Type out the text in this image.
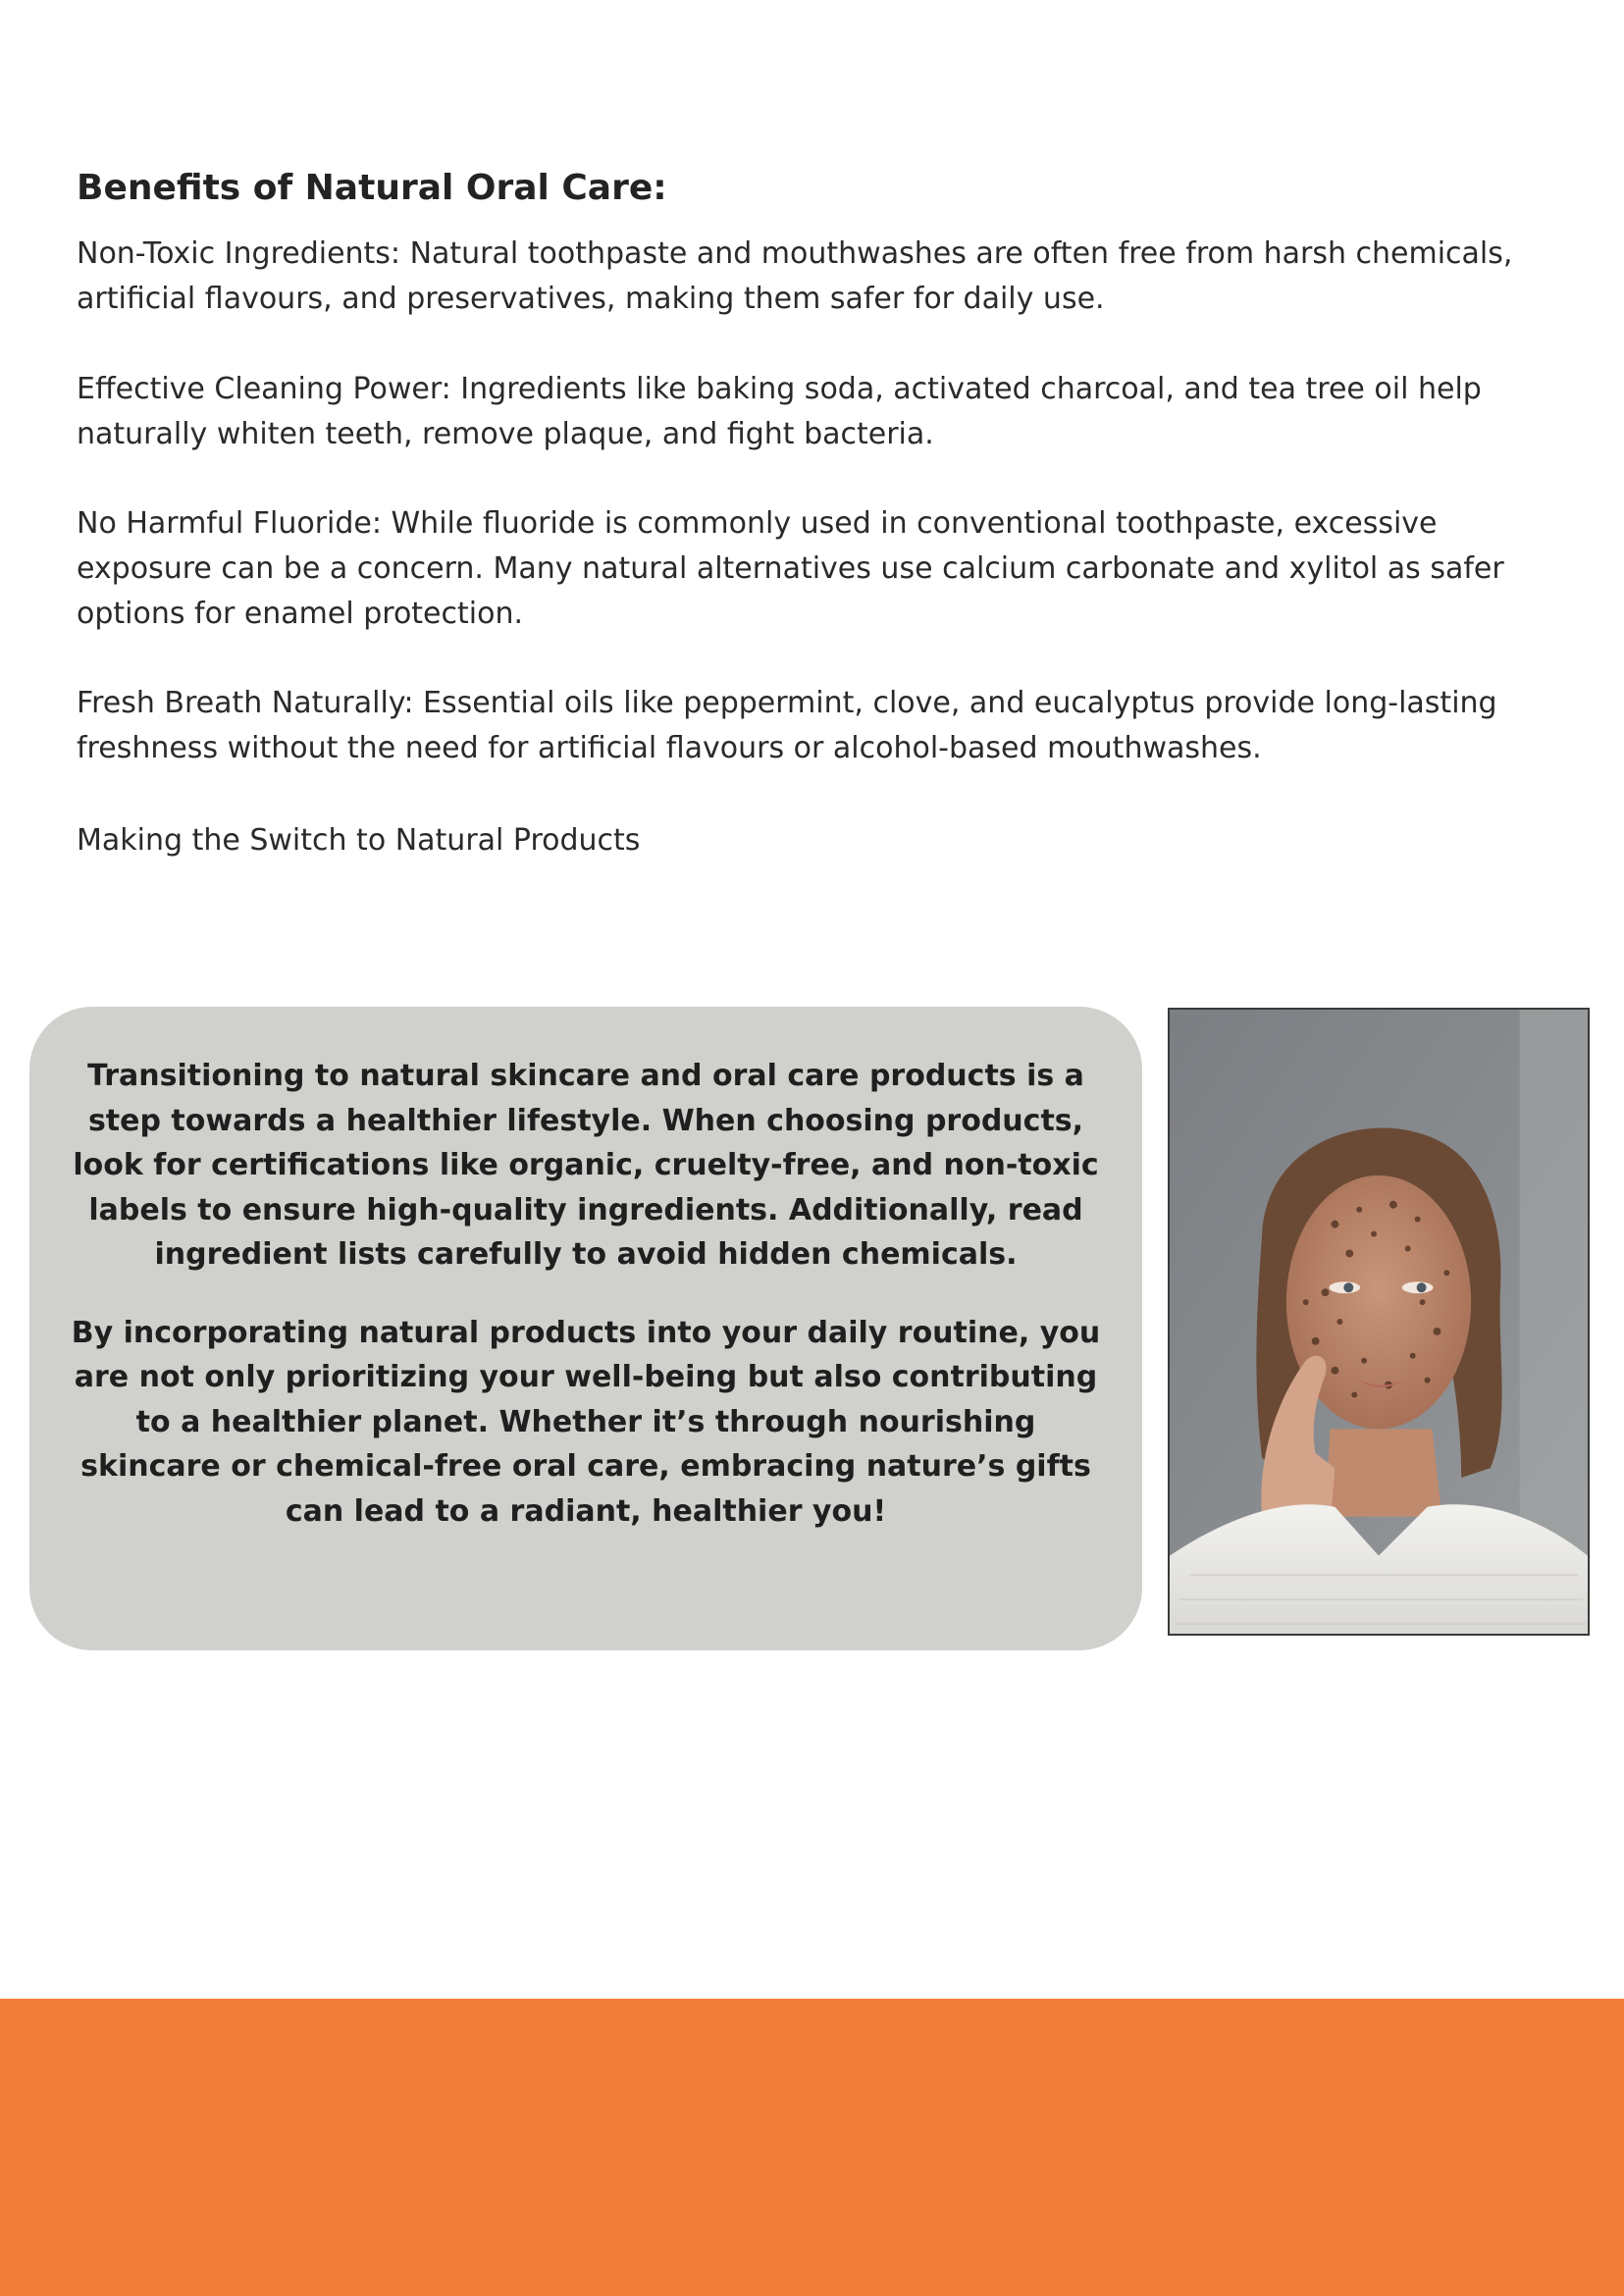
Benefits of Natural Oral Care:

Non-Toxic Ingredients: Natural toothpaste and mouthwashes are often free from harsh chemicals, artificial flavours, and preservatives, making them safer for daily use.

Effective Cleaning Power: Ingredients like baking soda, activated charcoal, and tea tree oil help naturally whiten teeth, remove plaque, and fight bacteria.

No Harmful Fluoride: While fluoride is commonly used in conventional toothpaste, excessive exposure can be a concern. Many natural alternatives use calcium carbonate and xylitol as safer options for enamel protection.

Fresh Breath Naturally: Essential oils like peppermint, clove, and eucalyptus provide long-lasting freshness without the need for artificial flavours or alcohol-based mouthwashes.

Making the Switch to Natural Products

Transitioning to natural skincare and oral care products is a step towards a healthier lifestyle. When choosing products, look for certifications like organic, cruelty-free, and non-toxic labels to ensure high-quality ingredients. Additionally, read ingredient lists carefully to avoid hidden chemicals.

By incorporating natural products into your daily routine, you are not only prioritizing your well-being but also contributing to a healthier planet. Whether it’s through nourishing skincare or chemical-free oral care, embracing nature’s gifts can lead to a radiant, healthier you!
